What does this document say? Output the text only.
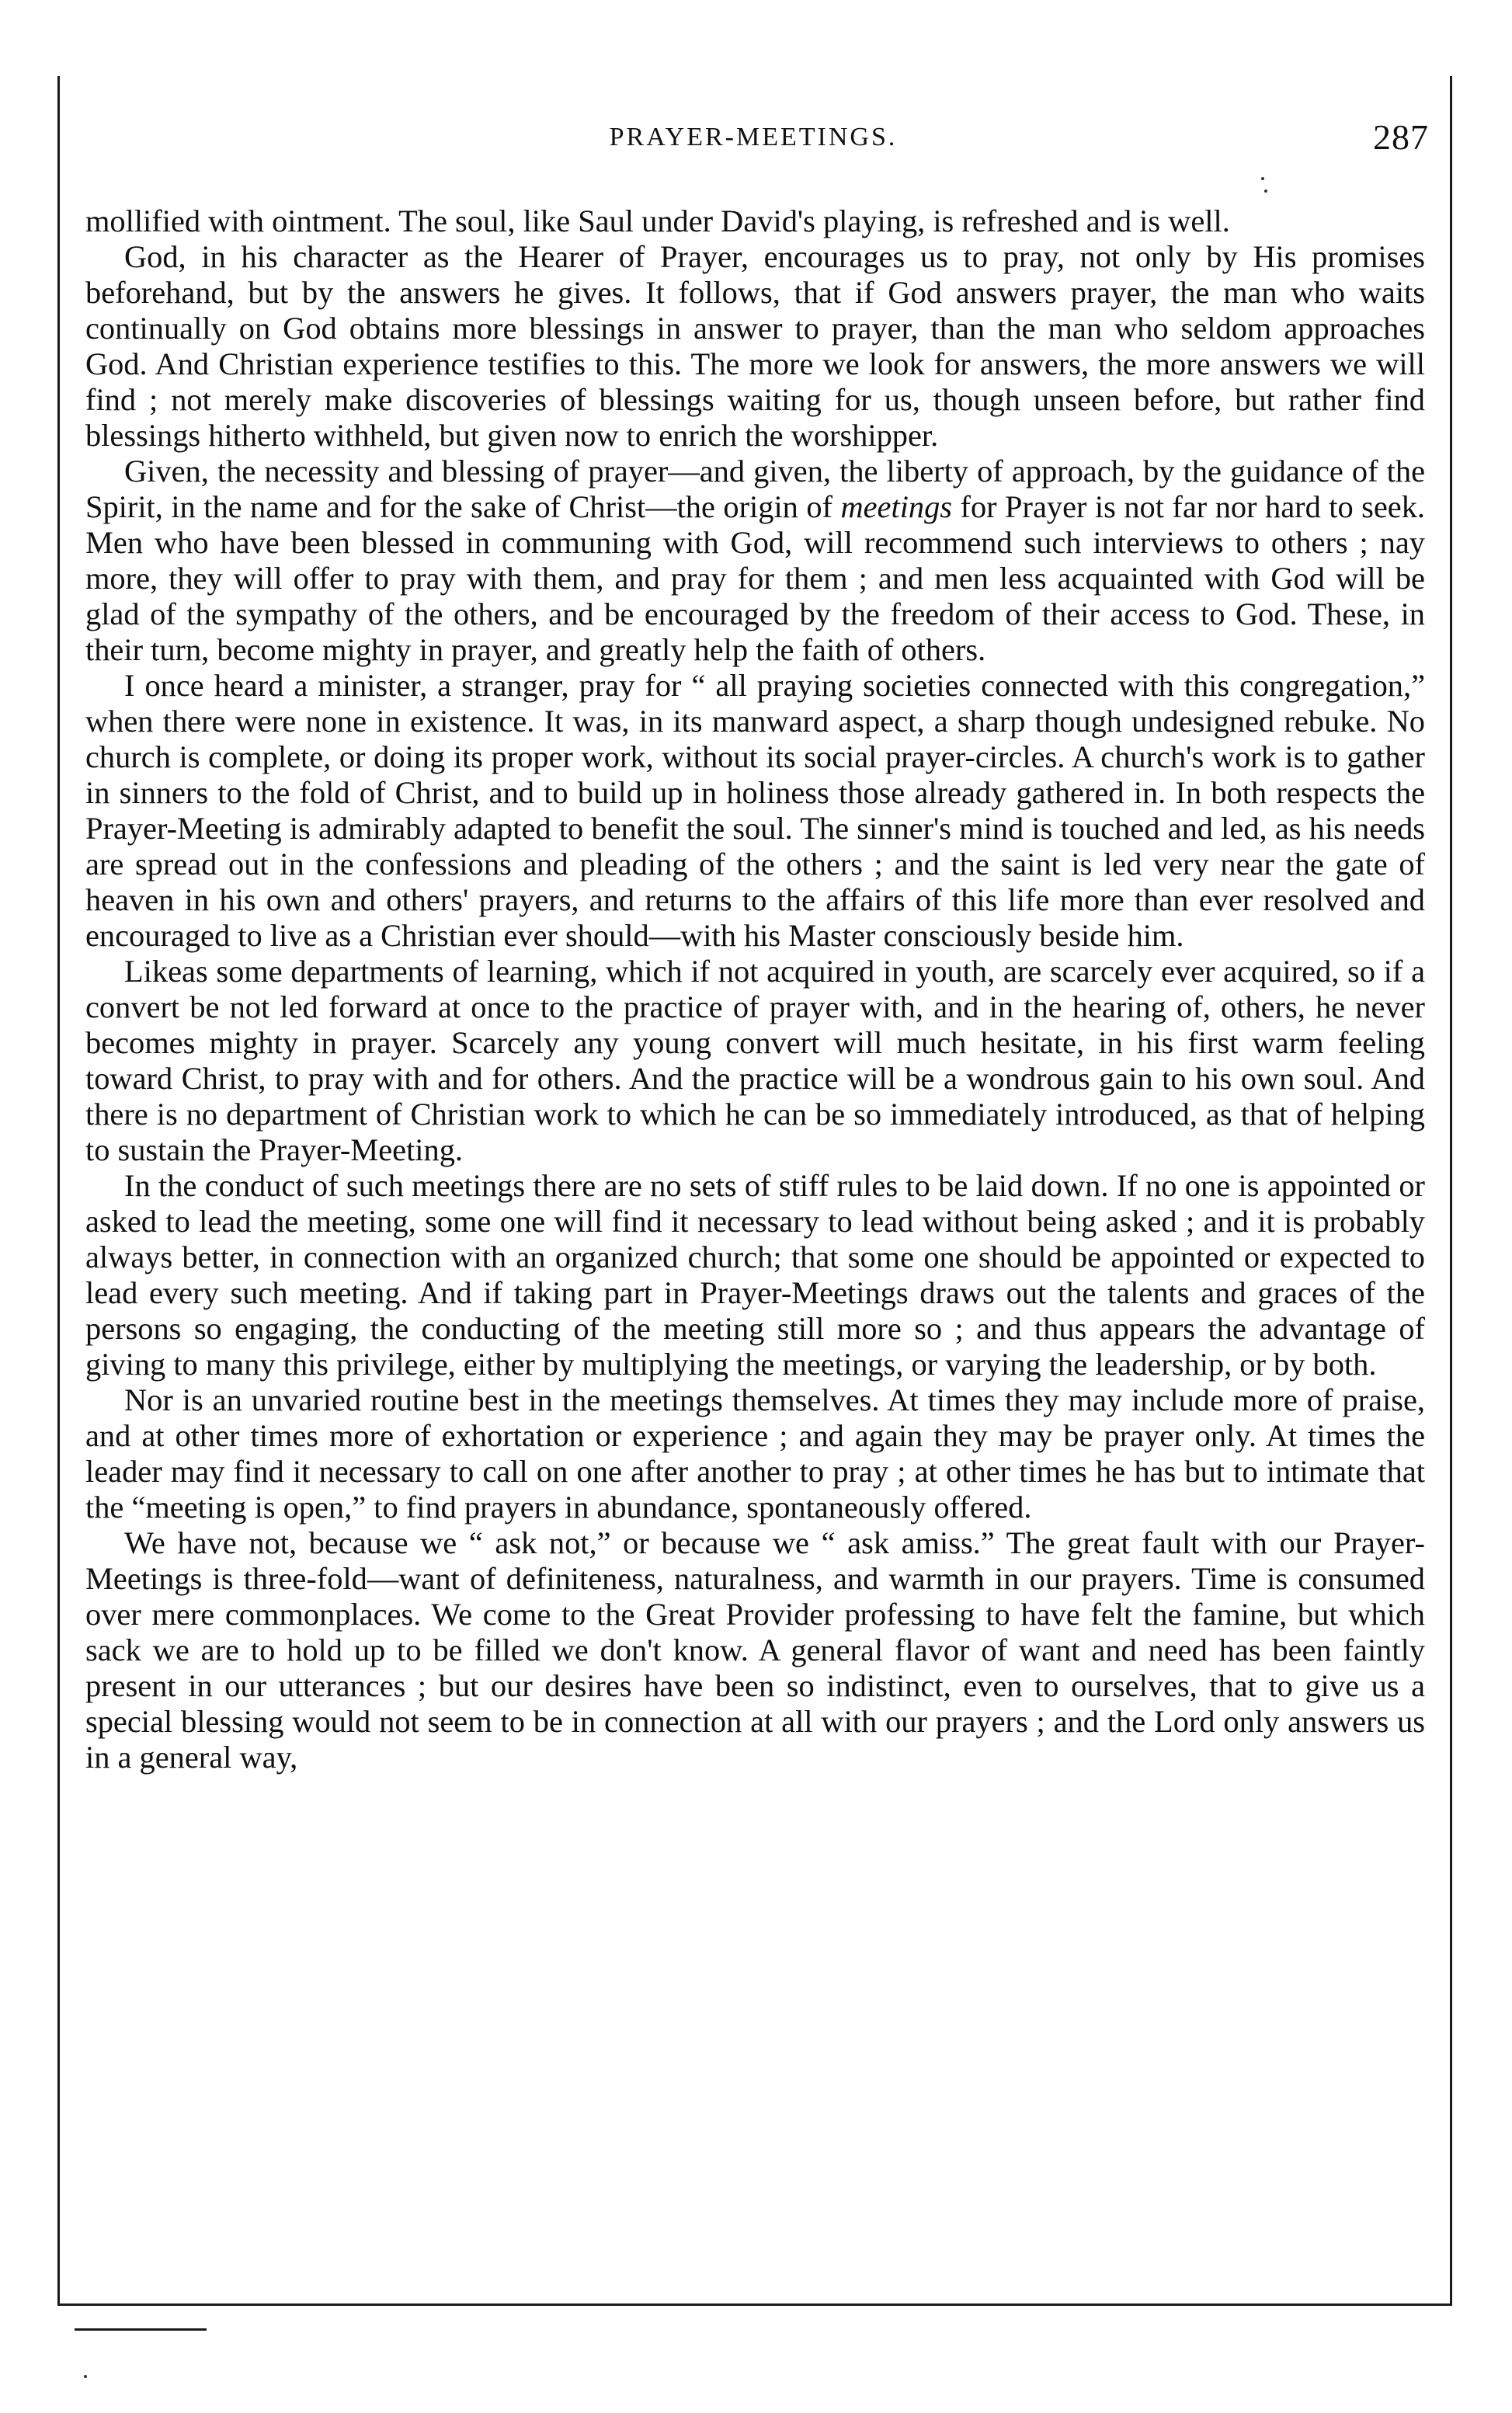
PRAYER-MEETINGS.	287

mollified with ointment. The soul, like Saul under David's playing, is refreshed and is well.

God, in his character as the Hearer of Prayer, encourages us to pray, not only by His promises beforehand, but by the answers he gives. It follows, that if God answers prayer, the man who waits continually on God obtains more blessings in answer to prayer, than the man who seldom approaches God. And Christian experience testifies to this. The more we look for answers, the more answers we will find ; not merely make discoveries of blessings waiting for us, though unseen before, but rather find blessings hitherto withheld, but given now to enrich the worshipper.

Given, the necessity and blessing of prayer—and given, the liberty of approach, by the guidance of the Spirit, in the name and for the sake of Christ—the origin of meetings for Prayer is not far nor hard to seek. Men who have been blessed in communing with God, will recommend such interviews to others ; nay more, they will offer to pray with them, and pray for them ; and men less acquainted with God will be glad of the sympathy of the others, and be encouraged by the freedom of their access to God. These, in their turn, become mighty in prayer, and greatly help the faith of others.

I once heard a minister, a stranger, pray for “ all praying societies connected with this congregation,” when there were none in existence. It was, in its manward aspect, a sharp though undesigned rebuke. No church is complete, or doing its proper work, without its social prayer-circles. A church's work is to gather in sinners to the fold of Christ, and to build up in holiness those already gathered in. In both respects the Prayer-Meeting is admirably adapted to benefit the soul. The sinner's mind is touched and led, as his needs are spread out in the confessions and pleading of the others ; and the saint is led very near the gate of heaven in his own and others' prayers, and returns to the affairs of this life more than ever resolved and encouraged to live as a Christian ever should—with his Master consciously beside him.

Likeas some departments of learning, which if not acquired in youth, are scarcely ever acquired, so if a convert be not led forward at once to the practice of prayer with, and in the hearing of, others, he never becomes mighty in prayer. Scarcely any young convert will much hesitate, in his first warm feeling toward Christ, to pray with and for others. And the practice will be a wondrous gain to his own soul. And there is no department of Christian work to which he can be so immediately introduced, as that of helping to sustain the Prayer-Meeting.

In the conduct of such meetings there are no sets of stiff rules to be laid down. If no one is appointed or asked to lead the meeting, some one will find it necessary to lead without being asked ; and it is probably always better, in connection with an organized church; that some one should be appointed or expected to lead every such meeting. And if taking part in Prayer-Meetings draws out the talents and graces of the persons so engaging, the conducting of the meeting still more so ; and thus appears the advantage of giving to many this privilege, either by multiplying the meetings, or varying the leadership, or by both.

Nor is an unvaried routine best in the meetings themselves. At times they may include more of praise, and at other times more of exhortation or experience ; and again they may be prayer only. At times the leader may find it necessary to call on one after another to pray ; at other times he has but to intimate that the “meeting is open,” to find prayers in abundance, spontaneously offered.

We have not, because we “ ask not,” or because we “ ask amiss.” The great fault with our Prayer-Meetings is three-fold—want of definiteness, naturalness, and warmth in our prayers. Time is consumed over mere commonplaces. We come to the Great Provider professing to have felt the famine, but which sack we are to hold up to be filled we don't know. A general flavor of want and need has been faintly present in our utterances ; but our desires have been so indistinct, even to ourselves, that to give us a special blessing would not seem to be in connection at all with our prayers ; and the Lord only answers us in a general way,
